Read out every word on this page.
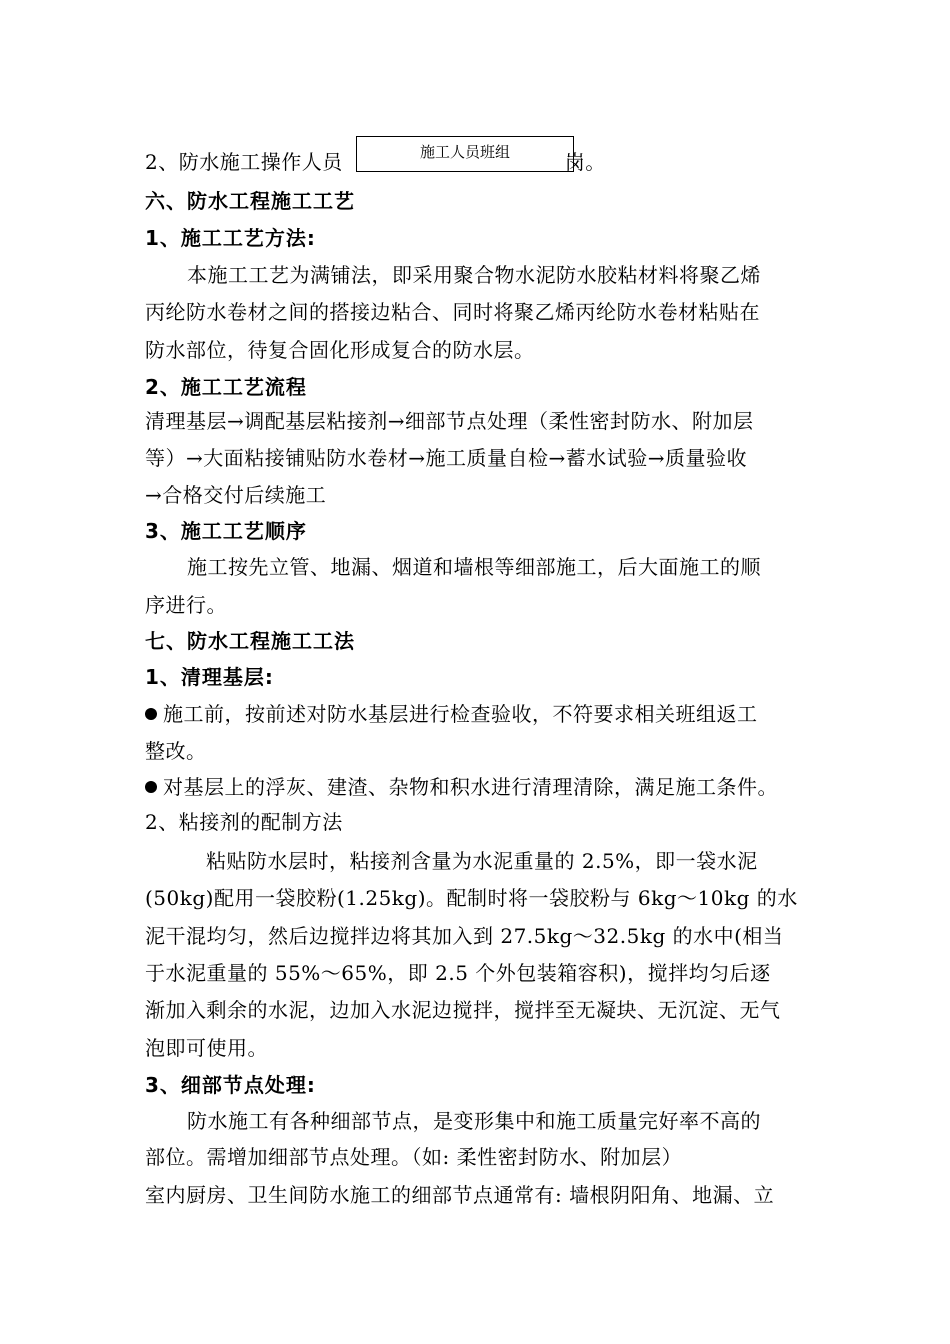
2、防水施工操作人员	岗。
施工人员班组
六、防水工程施工工艺
1、施工工艺方法:
本施工工艺为满铺法，即采用聚合物水泥防水胶粘材料将聚乙烯
丙纶防水卷材之间的搭接边粘合、同时将聚乙烯丙纶防水卷材粘贴在
防水部位，待复合固化形成复合的防水层。
2、施工工艺流程
清理基层→调配基层粘接剂→细部节点处理（柔性密封防水、附加层
等）→大面粘接铺贴防水卷材→施工质量自检→蓄水试验→质量验收
→合格交付后续施工
3、施工工艺顺序
施工按先立管、地漏、烟道和墙根等细部施工，后大面施工的顺
序进行。
七、防水工程施工工法
1、清理基层:
施工前，按前述对防水基层进行检查验收，不符要求相关班组返工
整改。
对基层上的浮灰、建渣、杂物和积水进行清理清除，满足施工条件。
2、粘接剂的配制方法
粘贴防水层时，粘接剂含量为水泥重量的 2.5%，即一袋水泥
(50kg)配用一袋胶粉(1.25kg)。配制时将一袋胶粉与 6kg～10kg 的水
泥干混均匀，然后边搅拌边将其加入到 27.5kg～32.5kg 的水中(相当
于水泥重量的 55%～65%，即 2.5 个外包装箱容积)，搅拌均匀后逐
渐加入剩余的水泥，边加入水泥边搅拌，搅拌至无凝块、无沉淀、无气
泡即可使用。
3、细部节点处理:
防水施工有各种细部节点，是变形集中和施工质量完好率不高的
部位。需增加细部节点处理。（如: 柔性密封防水、附加层）
室内厨房、卫生间防水施工的细部节点通常有: 墙根阴阳角、地漏、立
